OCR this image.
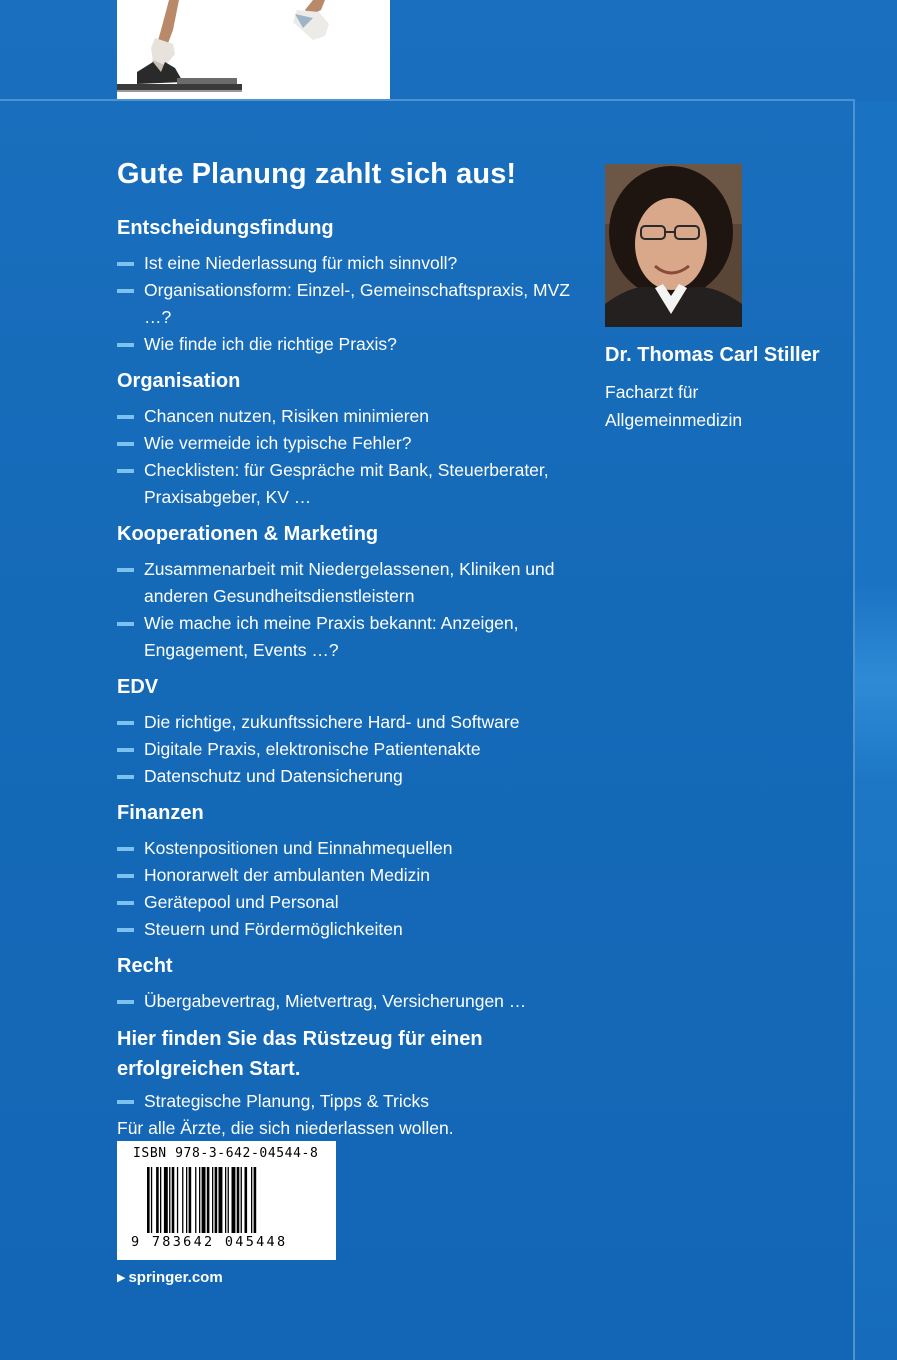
Gute Planung zahlt sich aus!
Entscheidungsfindung
Ist eine Niederlassung für mich sinnvoll?
Organisationsform: Einzel-, Gemeinschaftspraxis, MVZ …?
Wie finde ich die richtige Praxis?
Organisation
Chancen nutzen, Risiken minimieren
Wie vermeide ich typische Fehler?
Checklisten: für Gespräche mit Bank, Steuerberater, Praxisabgeber, KV …
Kooperationen & Marketing
Zusammenarbeit mit Niedergelassenen, Kliniken und anderen Gesundheitsdienstleistern
Wie mache ich meine Praxis bekannt: Anzeigen, Engagement, Events …?
EDV
Die richtige, zukunftssichere Hard- und Software
Digitale Praxis, elektronische Patientenakte
Datenschutz und Datensicherung
Finanzen
Kostenpositionen und Einnahmequellen
Honorarwelt der ambulanten Medizin
Gerätepool und Personal
Steuern und Fördermöglichkeiten
Recht
Übergabevertrag, Mietvertrag, Versicherungen …
Hier finden Sie das Rüstzeug für einen erfolgreichen Start.
Strategische Planung, Tipps & Tricks
Für alle Ärzte, die sich niederlassen wollen.
Dr. Thomas Carl Stiller
Facharzt für
Allgemeinmedizin
ISBN 978-3-642-04544-8
9 783642 045448
▶ springer.com
